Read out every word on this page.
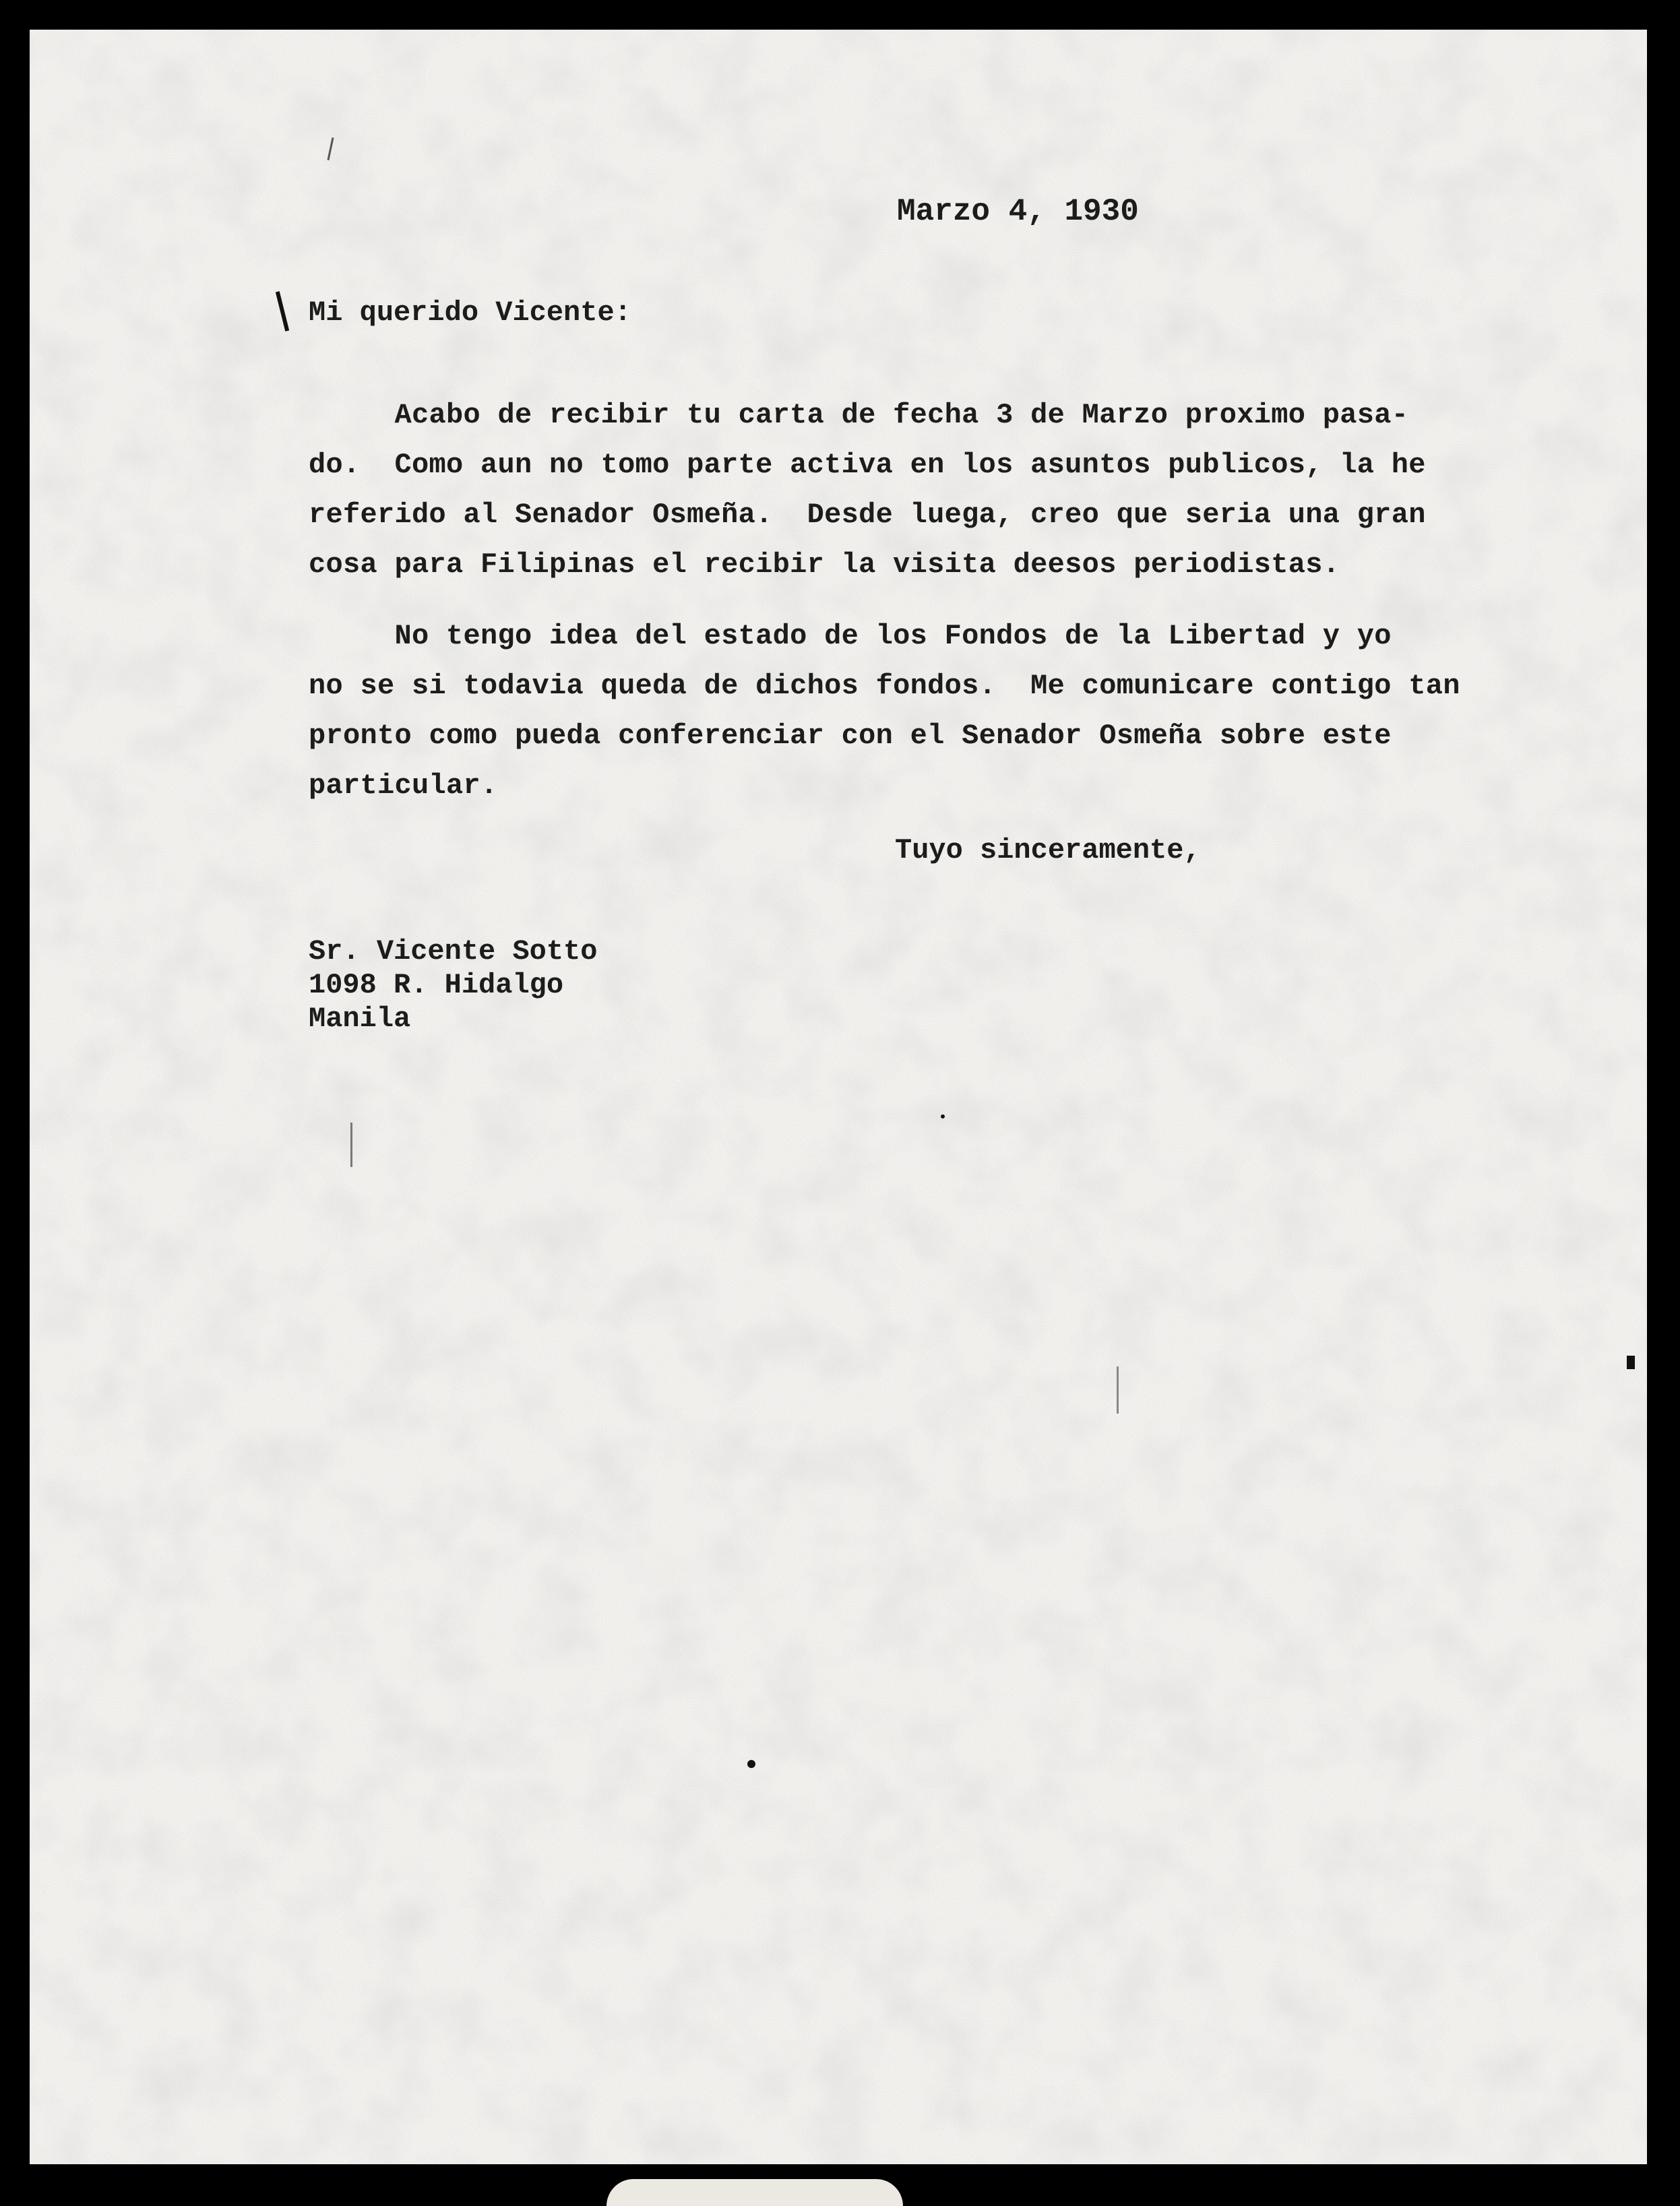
Marzo 4, 1930

Mi querido Vicente:

Acabo de recibir tu carta de fecha 3 de Marzo proximo pasa-

do.  Como aun no tomo parte activa en los asuntos publicos, la he

referido al Senador Osmeña.  Desde luega, creo que seria una gran

cosa para Filipinas el recibir la visita deesos periodistas.

No tengo idea del estado de los Fondos de la Libertad y yo

no se si todavia queda de dichos fondos.  Me comunicare contigo tan

pronto como pueda conferenciar con el Senador Osmeña sobre este

particular.

Tuyo sinceramente,

Sr. Vicente Sotto

1098 R. Hidalgo

Manila
